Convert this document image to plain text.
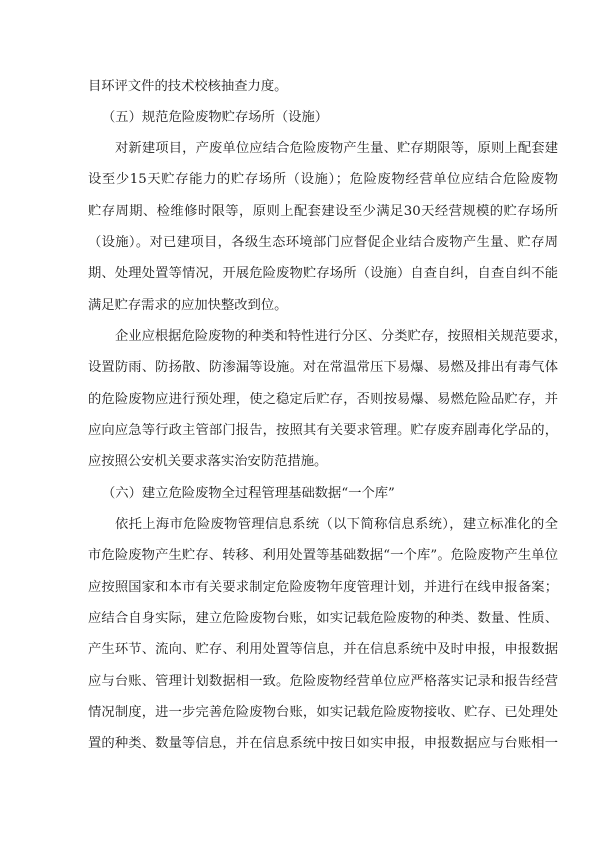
目环评文件的技术校核抽查力度。
（五）规范危险废物贮存场所（设施）
对新建项目，产废单位应结合危险废物产生量、贮存期限等，原则上配套建
设至少15天贮存能力的贮存场所（设施）；危险废物经营单位应结合危险废物
贮存周期、检维修时限等，原则上配套建设至少满足30天经营规模的贮存场所
（设施）。对已建项目，各级生态环境部门应督促企业结合废物产生量、贮存周
期、处理处置等情况，开展危险废物贮存场所（设施）自查自纠，自查自纠不能
满足贮存需求的应加快整改到位。
企业应根据危险废物的种类和特性进行分区、分类贮存，按照相关规范要求，
设置防雨、防扬散、防渗漏等设施。对在常温常压下易爆、易燃及排出有毒气体
的危险废物应进行预处理，使之稳定后贮存，否则按易爆、易燃危险品贮存，并
应向应急等行政主管部门报告，按照其有关要求管理。贮存废弃剧毒化学品的，
应按照公安机关要求落实治安防范措施。
（六）建立危险废物全过程管理基础数据“一个库”
依托上海市危险废物管理信息系统（以下简称信息系统），建立标准化的全
市危险废物产生贮存、转移、利用处置等基础数据“一个库”。危险废物产生单位
应按照国家和本市有关要求制定危险废物年度管理计划，并进行在线申报备案；
应结合自身实际，建立危险废物台账，如实记载危险废物的种类、数量、性质、
产生环节、流向、贮存、利用处置等信息，并在信息系统中及时申报，申报数据
应与台账、管理计划数据相一致。危险废物经营单位应严格落实记录和报告经营
情况制度，进一步完善危险废物台账，如实记载危险废物接收、贮存、已处理处
置的种类、数量等信息，并在信息系统中按日如实申报，申报数据应与台账相一
